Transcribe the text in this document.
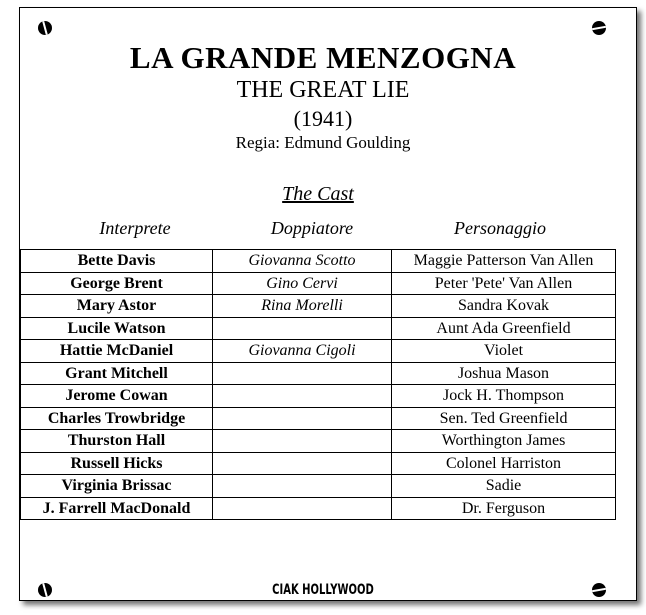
LA GRANDE MENZOGNA
THE GREAT LIE
(1941)
Regia: Edmund Goulding
The Cast
Interprete	Doppiatore	Personaggio
Bette Davis	Giovanna Scotto	Maggie Patterson Van Allen
George Brent	Gino Cervi	Peter 'Pete' Van Allen
Mary Astor	Rina Morelli	Sandra Kovak
Lucile Watson		Aunt Ada Greenfield
Hattie McDaniel	Giovanna Cigoli	Violet
Grant Mitchell		Joshua Mason
Jerome Cowan		Jock H. Thompson
Charles Trowbridge		Sen. Ted Greenfield
Thurston Hall		Worthington James
Russell Hicks		Colonel Harriston
Virginia Brissac		Sadie
J. Farrell MacDonald		Dr. Ferguson
CIAK HOLLYWOOD
